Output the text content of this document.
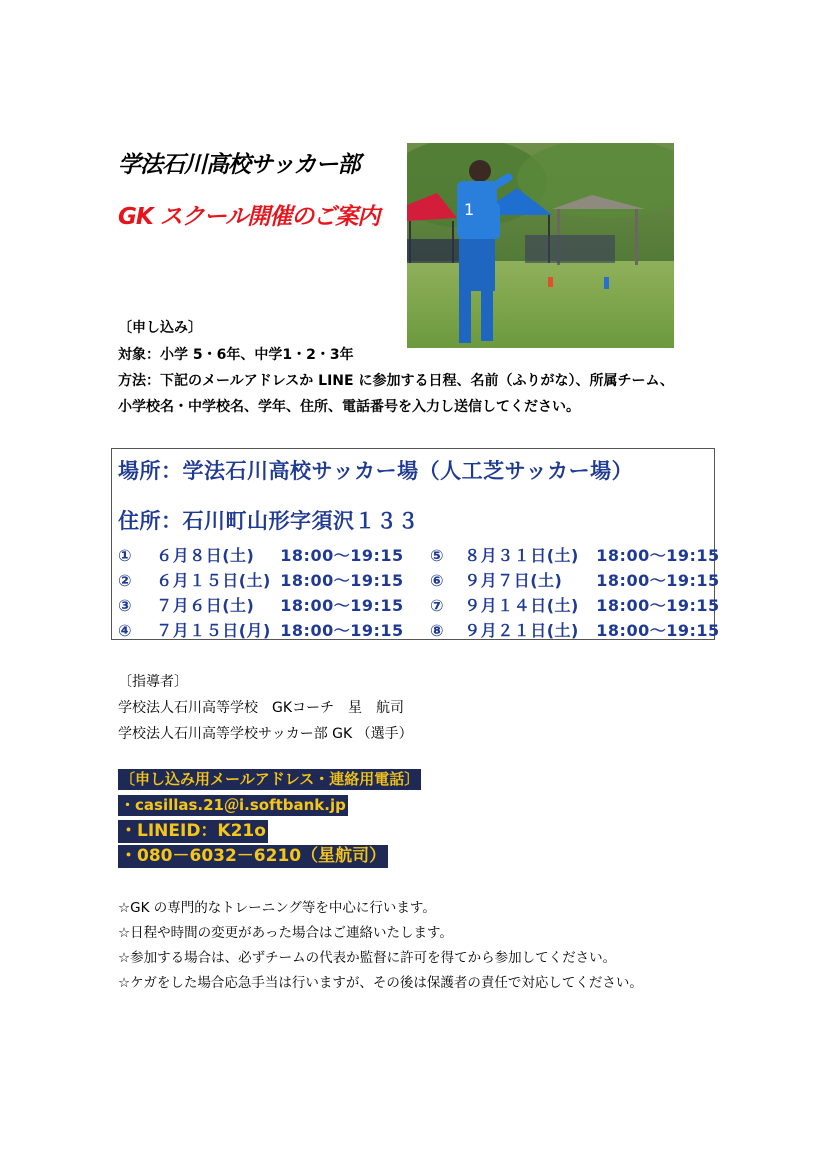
学法石川高校サッカー部
GK スクール開催のご案内	1
〔申し込み〕
対象：小学 5・6年、中学1・2・3年
方法：下記のメールアドレスか LINE に参加する日程、名前（ふりがな）、所属チーム、
小学校名・中学校名、学年、住所、電話番号を入力し送信してください。
場所：学法石川高校サッカー場（人工芝サッカー場）
住所：石川町山形字須沢１３３
① ６月８日(土) 18:00～19:15
② ６月１５日(土) 18:00～19:15
③ ７月６日(土) 18:00～19:15
④ ７月１５日(月) 18:00～19:15
⑤ ８月３１日(土) 18:00～19:15
⑥ ９月７日(土) 18:00～19:15
⑦ ９月１４日(土) 18:00～19:15
⑧ ９月２１日(土) 18:00～19:15
〔指導者〕
学校法人石川高等学校　GKコーチ　星　航司
学校法人石川高等学校サッカー部 GK （選手）
〔申し込み用メールアドレス・連絡用電話〕
・casillas.21＠i.softbank.jp
・LINEID：K21o
・080－6032－6210（星航司）
☆GK の専門的なトレーニング等を中心に行います。
☆日程や時間の変更があった場合はご連絡いたします。
☆参加する場合は、必ずチームの代表か監督に許可を得てから参加してください。
☆ケガをした場合応急手当は行いますが、その後は保護者の責任で対応してください。
